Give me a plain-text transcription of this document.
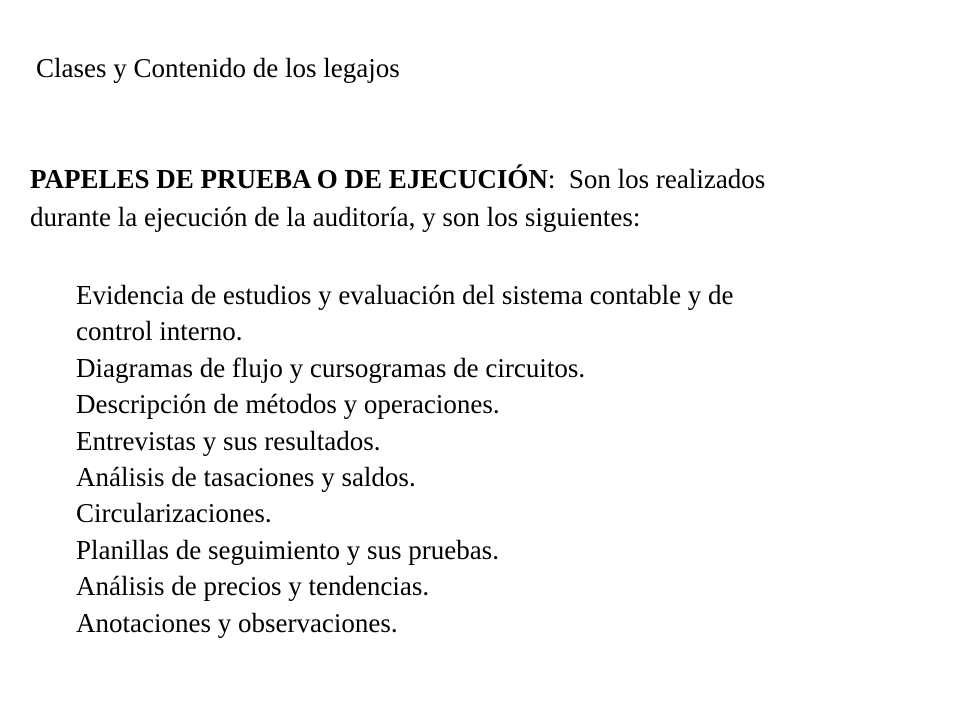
Clases y Contenido de los legajos
PAPELES DE PRUEBA O DE EJECUCIÓN: Son los realizados
durante la ejecución de la auditoría, y son los siguientes:
Evidencia de estudios y evaluación del sistema contable y de
control interno.
Diagramas de flujo y cursogramas de circuitos.
Descripción de métodos y operaciones.
Entrevistas y sus resultados.
Análisis de tasaciones y saldos.
Circularizaciones.
Planillas de seguimiento y sus pruebas.
Análisis de precios y tendencias.
Anotaciones y observaciones.
